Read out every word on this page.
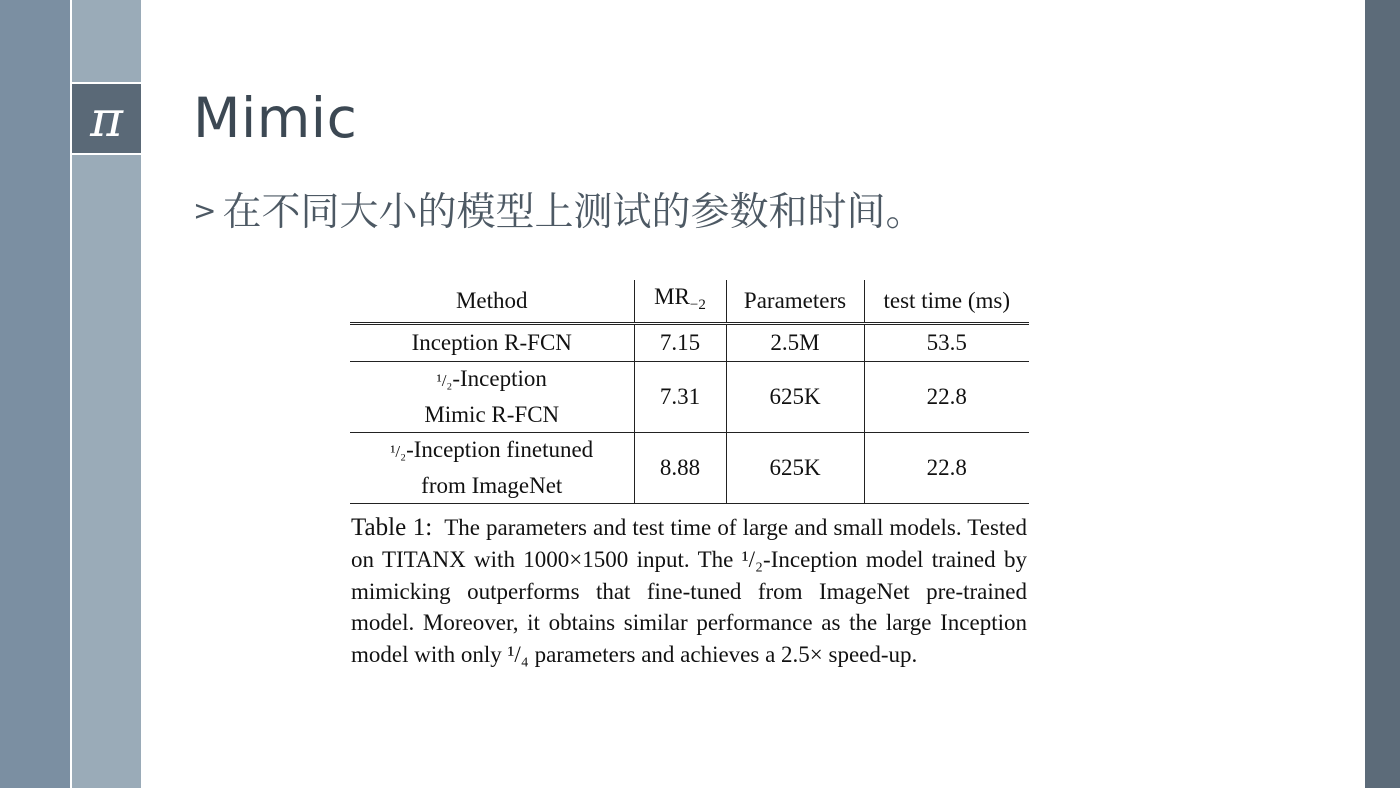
π Mimic
> 在不同大小的模型上测试的参数和时间。
Method	$MR_{-2}$	Parameters	test time (ms)
Inception R-FCN	7.15	2.5M	53.5

¹/₂-Inception
Mimic R-FCN	7.31	625K	22.8

¹/₂-Inception finetuned
from ImageNet	8.88	625K	22.8
Table 1: The parameters and test time of large and small models. Tested on TITANX with 1000×1500 input. The ¹/₂-Inception model trained by mimicking outperforms that fine-tuned from ImageNet pre-trained model. Moreover, it obtains similar performance as the large Inception model with only ¹/₄ parameters and achieves a 2.5× speed-up.
